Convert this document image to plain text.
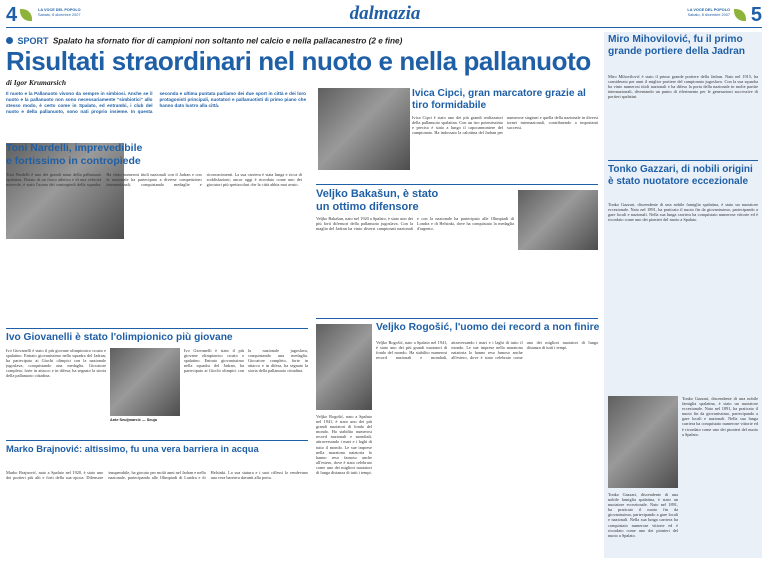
4	LA VOCE DEL POPOLO
Sabato, 8 dicembre 2007	dalmazia	LA VOCE DEL POPOLO
Sabato, 8 dicembre 2007 5
SPORT Spalato ha sfornato fior di campioni non soltanto nel calcio e nella pallacanestro (2 e fine)
Risultati straordinari nel nuoto e nella pallanuoto
di Igor Krumarsich
Il nuoto e la Pallanuoto vivono da sempre in simbiosi. Anche se il nuoto e la pallanuoto non sono necessariamente "simbiotici" allo stesso modo, è certo come in Spalato, ed entrambi, i club del nuoto e della pallanuoto, sono nati proprio insieme. In questa seconda e ultima puntata parliamo dei due sport in città e dei loro protagonisti principali, nuotatori e pallanuotisti di primo piano che hanno dato lustro alla città.
Toni Nardelli, imprevedibile
e fortissimo in contropiede
Toni Nardelli è uno dei grandi nomi della pallanuoto spalatina. Dotato di un fisico atletico e di una velocità notevole, è stato l'uomo dei contropiedi della squadra. Ha vinto numerosi titoli nazionali con il Jadran e con la nazionale ha partecipato a diverse competizioni internazionali, conquistando medaglie e riconoscimenti. La sua carriera è stata lunga e ricca di soddisfazioni; ancor oggi è ricordato come uno dei giocatori più spettacolari che la città abbia mai avuto.
Ivo Giovanelli è stato l'olimpionico più giovane
Ivo Giovanelli è stato il più giovane olimpionico croato e spalatino. Entrato giovanissimo nella squadra del Jadran, ha partecipato ai Giochi olimpici con la nazionale jugoslava, conquistando una medaglia. Giocatore completo, forte in attacco e in difesa, ha segnato la storia della pallanuoto cittadina.
Ante Seuljmarcić — Seuja
Ivo Giovanelli è stato il più giovane olimpionico croato e spalatino. Entrato giovanissimo nella squadra del Jadran, ha partecipato ai Giochi olimpici con la nazionale jugoslava, conquistando una medaglia. Giocatore completo, forte in attacco e in difesa, ha segnato la storia della pallanuoto cittadina.
Ivica Cipci, gran marcatore grazie al tiro formidabile
Ivica Cipci è stato uno dei più grandi realizzatori della pallanuoto spalatina. Con un tiro potentissimo e preciso è stato a lungo il capocannoniere del campionato. Ha indossato la calottina del Jadran per numerose stagioni e quella della nazionale in diversi tornei internazionali, contribuendo a importanti successi.
Veljko Bakašun, è stato
un ottimo difensore
Veljko Bakašun, nato nel 1920 a Spalato, è stato uno dei più forti difensori della pallanuoto jugoslava. Con la maglia del Jadran ha vinto diversi campionati nazionali e con la nazionale ha partecipato alle Olimpiadi di Londra e di Helsinki, dove ha conquistato la medaglia d'argento.
Veljko Rogošić, l'uomo dei record a non finire
Veljko Rogošić, nato a Spalato nel 1941, è stato uno dei più grandi nuotatori di fondo del mondo. Ha stabilito numerosi record nazionali e mondiali, attraversando i mari e i laghi di tutto il mondo. Le sue imprese nella maratona natatoria lo hanno reso famoso anche all'estero, dove è stato celebrato come uno dei migliori nuotatori di lunga distanza di tutti i tempi.
Veljko Rogošić, nato a Spalato nel 1941, è stato uno dei più grandi nuotatori di fondo del mondo. Ha stabilito numerosi record nazionali e mondiali, attraversando i mari e i laghi di tutto il mondo. Le sue imprese nella maratona natatoria lo hanno reso famoso anche all'estero, dove è stato celebrato come uno dei migliori nuotatori di lunga distanza di tutti i tempi.
Marko Brajnović: altissimo, fu una vera barriera in acqua
Marko Brajnović, nato a Spalato nel 1920, è stato uno dei portieri più alti e forti della sua epoca. Difensore insuperabile, ha giocato per molti anni nel Jadran e nella nazionale, partecipando alle Olimpiadi di Londra e di Helsinki. La sua statura e i suoi riflessi lo rendevano una vera barriera davanti alla porta.
Miro Mihovilović, fu il primo grande portiere della Jadran
Miro Mihovilović è stato il primo grande portiere della Jadran. Nato nel 1915, ha considerato per anni il miglior portiere del campionato jugoslavo. Con la sua squadra ha vinto numerosi titoli nazionali e ha difeso la porta della nazionale in molte partite internazionali, diventando un punto di riferimento per le generazioni successive di portieri spalatini.
Tonko Gazzari, di nobili origini è stato nuotatore eccezionale
Tonko Gazzari, discendente di una nobile famiglia spalatina, è stato un nuotatore eccezionale. Nato nel 1891, ha praticato il nuoto fin da giovanissimo, partecipando a gare locali e nazionali. Nella sua lunga carriera ha conquistato numerose vittorie ed è ricordato come uno dei pionieri del nuoto a Spalato.
Tonko Gazzari, discendente di una nobile famiglia spalatina, è stato un nuotatore eccezionale. Nato nel 1891, ha praticato il nuoto fin da giovanissimo, partecipando a gare locali e nazionali. Nella sua lunga carriera ha conquistato numerose vittorie ed è ricordato come uno dei pionieri del nuoto a Spalato.
Tonko Gazzari, discendente di una nobile famiglia spalatina, è stato un nuotatore eccezionale. Nato nel 1891, ha praticato il nuoto fin da giovanissimo, partecipando a gare locali e nazionali. Nella sua lunga carriera ha conquistato numerose vittorie ed è ricordato come uno dei pionieri del nuoto a Spalato.
